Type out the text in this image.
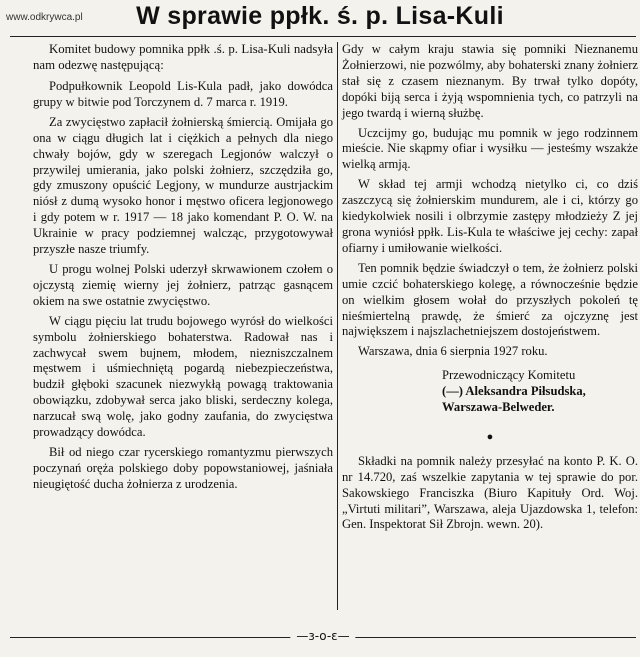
www.odkrywca.pl	W sprawie ppłk. ś. p. Lisa-Kuli

Komitet budowy pomnika ppłk .ś. p. Lisa-Kuli nadsyła nam odezwę następującą:

Podpułkownik Leopold Lis-Kula padł, jako dowódca grupy w bitwie pod Torczynem d. 7 marca r. 1919.

Za zwycięstwo zapłacił żołnierską śmiercią. Omijała go ona w ciągu długich lat i ciężkich a pełnych dla niego chwały bojów, gdy w szeregach Legjonów walczył o przywilej umierania, jako polski żołnierz, szczędziła go, gdy zmuszony opuścić Legjony, w mundurze austrjackim niósł z dumą wysoko honor i męstwo oficera legjonowego i gdy potem w r. 1917 — 18 jako komendant P. O. W. na Ukrainie w pracy podziemnej walcząc, przygotowywał przyszłe nasze triumfy.

U progu wolnej Polski uderzył skrwawionem czołem o ojczystą ziemię wierny jej żołnierz, patrząc gasnącem okiem na swe ostatnie zwycięstwo.

W ciągu pięciu lat trudu bojowego wyrósł do wielkości symbolu żołnierskiego bohaterstwa. Radował nas i zachwycał swem bujnem, młodem, niezniszczalnem męstwem i uśmiechniętą pogardą niebezpieczeństwa, budził głęboki szacunek niezwykłą powagą traktowania obowiązku, zdobywał serca jako bliski, serdeczny kolega, narzucał swą wolę, jako godny zaufania, do zwycięstwa prowadzący dowódca.

Bił od niego czar rycerskiego romantyzmu pierwszych poczynań oręża polskiego doby popowstaniowej, jaśniała nieugiętość ducha żołnierza z urodzenia.

Gdy w całym kraju stawia się pomniki Nieznanemu Żołnierzowi, nie pozwólmy, aby bohaterski znany żołnierz stał się z czasem nieznanym. By trwał tylko dopóty, dopóki biją serca i żyją wspomnienia tych, co patrzyli na jego twardą i wierną służbę.

Uczcijmy go, budując mu pomnik w jego rodzinnem mieście. Nie skąpmy ofiar i wysiłku — jesteśmy wszakże wielką armją.

W skład tej armji wchodzą nietylko ci, co dziś zaszczycą się żołnierskim mundurem, ale i ci, którzy go kiedykolwiek nosili i olbrzymie zastępy młodzieży Z jej grona wyniósł ppłk. Lis-Kula te właściwe jej cechy: zapał ofiarny i umiłowanie wielkości.

Ten pomnik będzie świadczył o tem, że żołnierz polski umie czcić bohaterskiego kolegę, a równocześnie będzie on wielkim głosem wołał do przyszłych pokoleń tę nieśmiertelną prawdę, że śmierć za ojczyznę jest największem i najszlachetniejszem dostojeństwem.

Warszawa, dnia 6 sierpnia 1927 roku.

Przewodniczący Komitetu
(—) Aleksandra Piłsudska,
Warszawa-Belweder.
●

Składki na pomnik należy przesyłać na konto P. K. O. nr 14.720, zaś wszelkie zapytania w tej sprawie do por. Sakowskiego Franciszka (Biuro Kapituły Ord. Woj. „Virtuti militari”, Warszawa, aleja Ujazdowska 1, telefon: Gen. Inspektorat Sił Zbrojn. wewn. 20).

—ɜ-o-ɛ—
